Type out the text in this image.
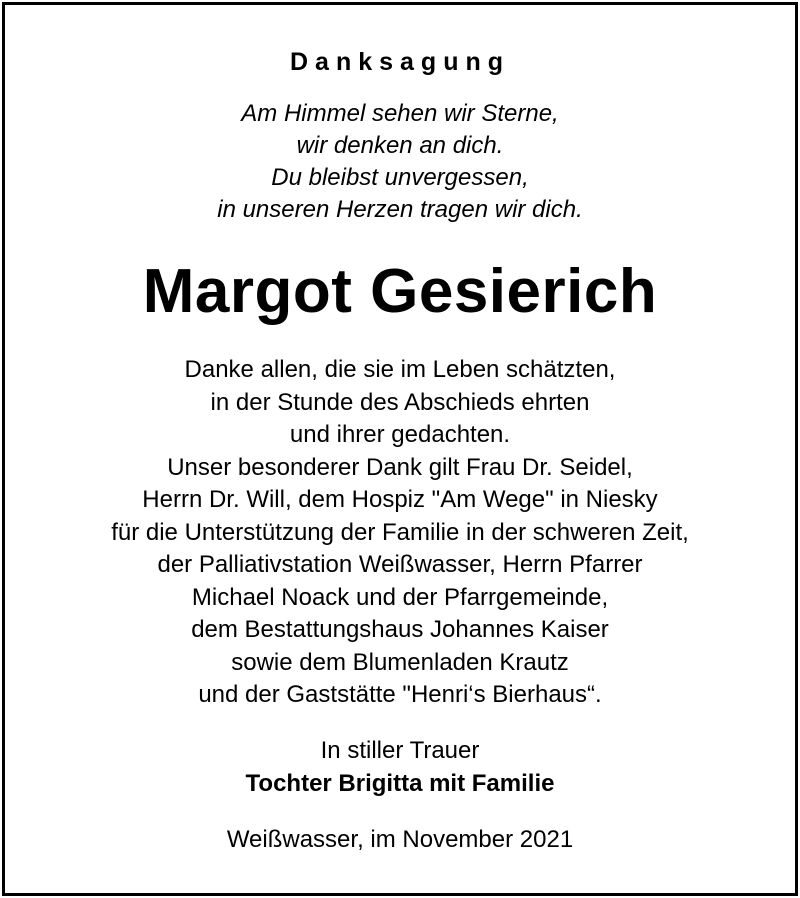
Danksagung
Am Himmel sehen wir Sterne,
wir denken an dich.
Du bleibst unvergessen,
in unseren Herzen tragen wir dich.
Margot Gesierich
Danke allen, die sie im Leben schätzten,
in der Stunde des Abschieds ehrten
und ihrer gedachten.
Unser besonderer Dank gilt Frau Dr. Seidel,
Herrn Dr. Will, dem Hospiz "Am Wege" in Niesky
für die Unterstützung der Familie in der schweren Zeit,
der Palliativstation Weißwasser, Herrn Pfarrer
Michael Noack und der Pfarrgemeinde,
dem Bestattungshaus Johannes Kaiser
sowie dem Blumenladen Krautz
und der Gaststätte "Henri‘s Bierhaus“.
In stiller Trauer
Tochter Brigitta mit Familie
Weißwasser, im November 2021
